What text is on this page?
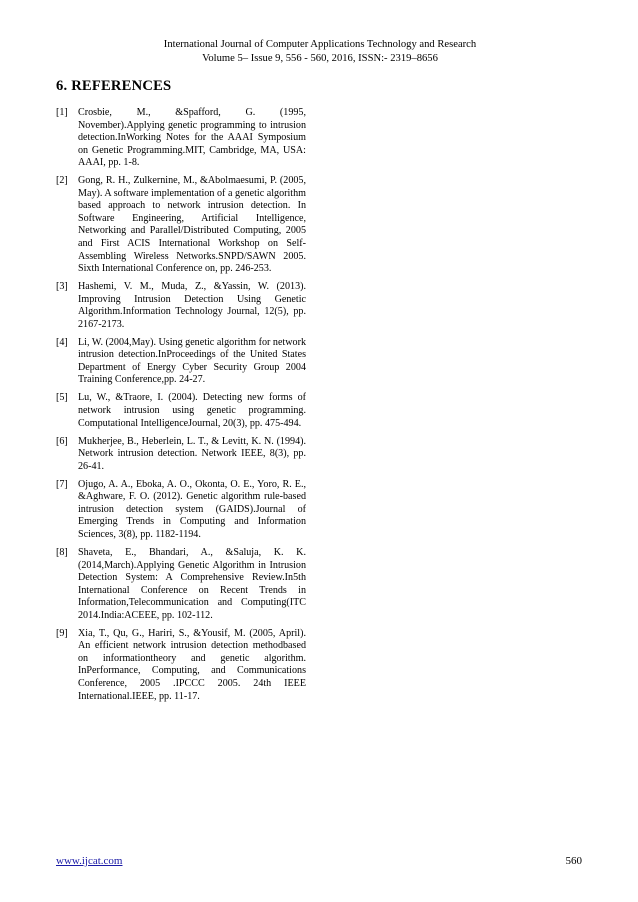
International Journal of Computer Applications Technology and Research
Volume 5– Issue 9, 556 - 560, 2016, ISSN:- 2319–8656
6. REFERENCES
[1]	Crosbie, M., &Spafford, G. (1995, November).Applying genetic programming to intrusion detection.InWorking Notes for the AAAI Symposium on Genetic Programming.MIT, Cambridge, MA, USA: AAAI, pp. 1-8.
[2]	Gong, R. H., Zulkernine, M., &Abolmaesumi, P. (2005, May). A software implementation of a genetic algorithm based approach to network intrusion detection. In Software Engineering, Artificial Intelligence, Networking and Parallel/Distributed Computing, 2005 and First ACIS International Workshop on Self-Assembling Wireless Networks.SNPD/SAWN 2005. Sixth International Conference on, pp. 246-253.
[3]	Hashemi, V. M., Muda, Z., &Yassin, W. (2013). Improving Intrusion Detection Using Genetic Algorithm.Information Technology Journal, 12(5), pp. 2167-2173.
[4]	Li, W. (2004,May). Using genetic algorithm for network intrusion detection.InProceedings of the United States Department of Energy Cyber Security Group 2004 Training Conference,pp. 24-27.
[5]	Lu, W., &Traore, I. (2004). Detecting new forms of network intrusion using genetic programming. Computational IntelligenceJournal, 20(3), pp. 475-494.
[6]	Mukherjee, B., Heberlein, L. T., & Levitt, K. N. (1994). Network intrusion detection. Network IEEE, 8(3), pp. 26-41.
[7]	Ojugo, A. A., Eboka, A. O., Okonta, O. E., Yoro, R. E., &Aghware, F. O. (2012). Genetic algorithm rule-based intrusion detection system (GAIDS).Journal of Emerging Trends in Computing and Information Sciences, 3(8), pp. 1182-1194.
[8]	Shaveta, E., Bhandari, A., &Saluja, K. K. (2014,March).Applying Genetic Algorithm in Intrusion Detection System: A Comprehensive Review.In5th International Conference on Recent Trends in Information,Telecommunication and Computing(ITC 2014.India:ACEEE, pp. 102-112.
[9]	Xia, T., Qu, G., Hariri, S., &Yousif, M. (2005, April). An efficient network intrusion detection methodbased on informationtheory and genetic algorithm. InPerformance, Computing, and Communications Conference, 2005 .IPCCC 2005. 24th IEEE International.IEEE, pp. 11-17.
www.ijcat.com	560
